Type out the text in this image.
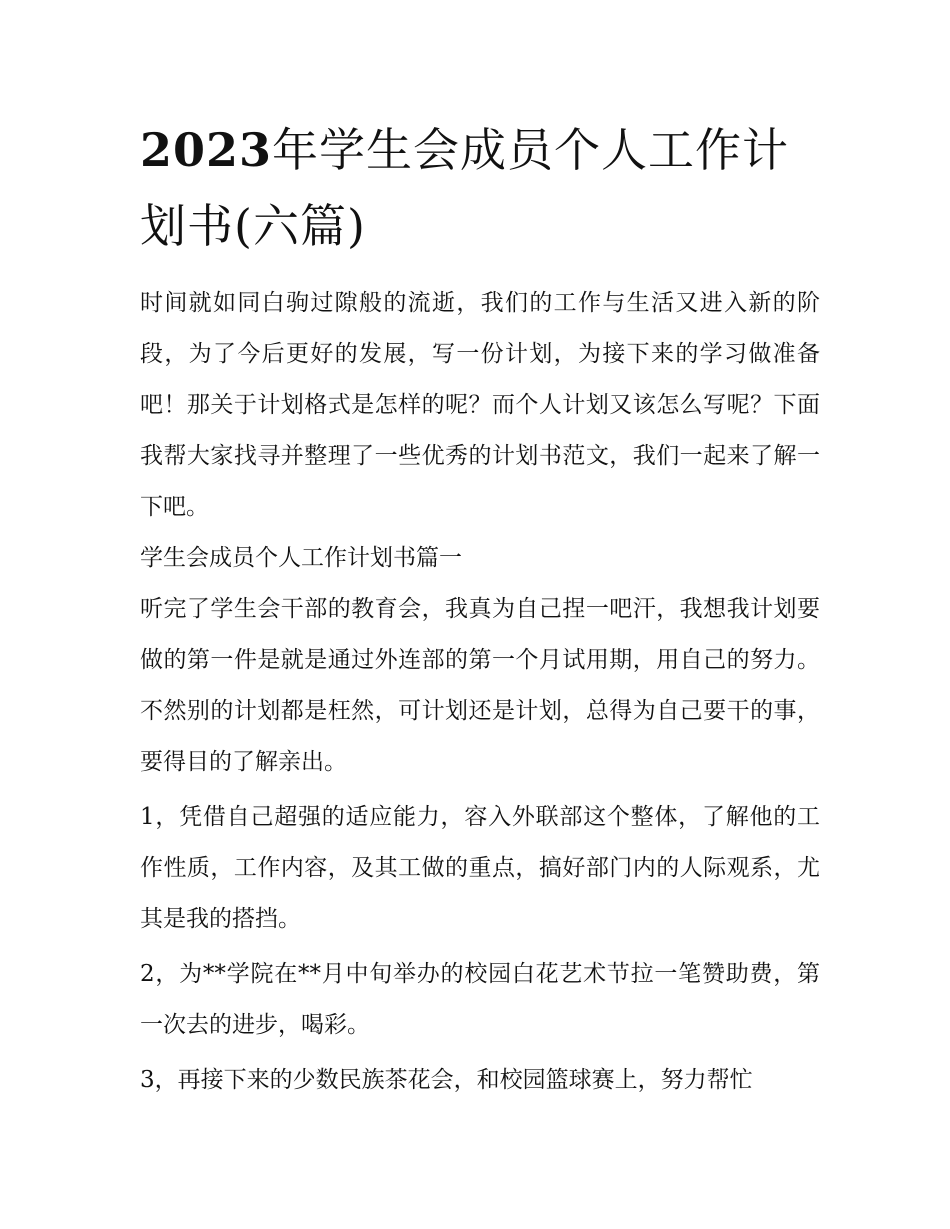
2023年学生会成员个人工作计划书(六篇)

时间就如同白驹过隙般的流逝，我们的工作与生活又进入新的阶段，为了今后更好的发展，写一份计划，为接下来的学习做准备吧！那关于计划格式是怎样的呢？而个人计划又该怎么写呢？下面我帮大家找寻并整理了一些优秀的计划书范文，我们一起来了解一下吧。

学生会成员个人工作计划书篇一

听完了学生会干部的教育会，我真为自己捏一吧汗，我想我计划要做的第一件是就是通过外连部的第一个月试用期，用自己的努力。不然别的计划都是枉然，可计划还是计划，总得为自己要干的事，要得目的了解亲出。

1，凭借自己超强的适应能力，容入外联部这个整体，了解他的工作性质，工作内容，及其工做的重点，搞好部门内的人际观系，尤其是我的搭挡。

2，为**学院在**月中旬举办的校园白花艺术节拉一笔赞助费，第一次去的进步，喝彩。

3，再接下来的少数民族茶花会，和校园篮球赛上，努力帮忙
